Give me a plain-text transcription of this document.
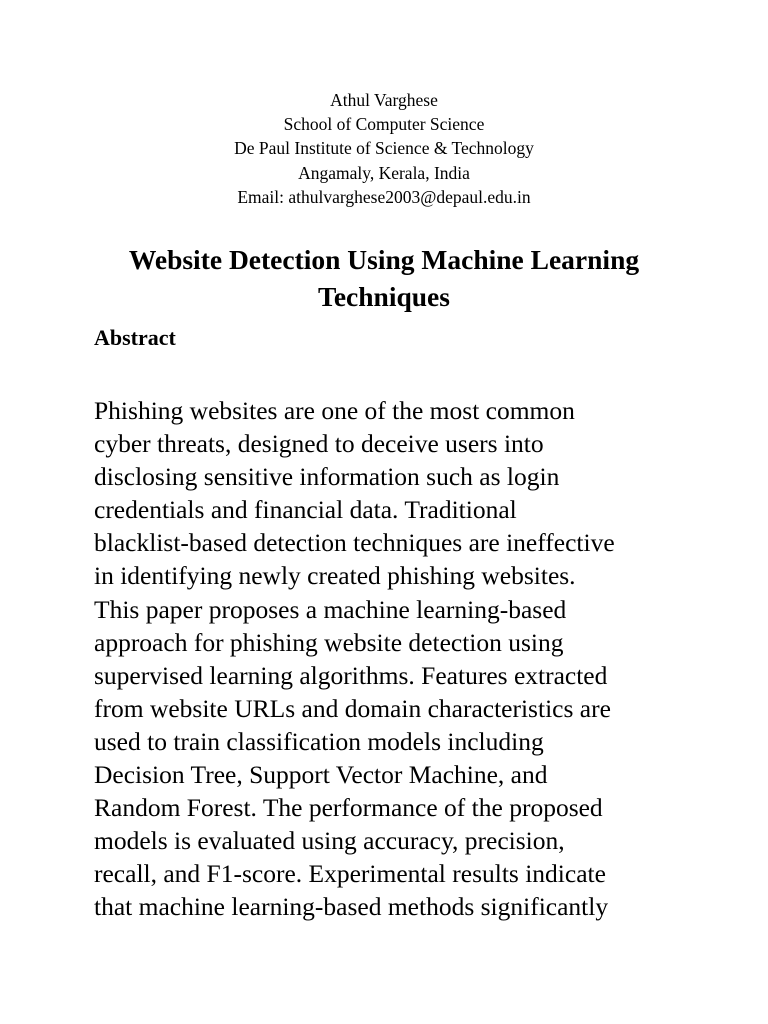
Athul Varghese
School of Computer Science
De Paul Institute of Science & Technology
Angamaly, Kerala, India
Email: athulvarghese2003@depaul.edu.in
Website Detection Using Machine Learning Techniques
Abstract
Phishing websites are one of the most common
cyber threats, designed to deceive users into
disclosing sensitive information such as login
credentials and financial data. Traditional
blacklist-based detection techniques are ineffective
in identifying newly created phishing websites.
This paper proposes a machine learning-based
approach for phishing website detection using
supervised learning algorithms. Features extracted
from website URLs and domain characteristics are
used to train classification models including
Decision Tree, Support Vector Machine, and
Random Forest. The performance of the proposed
models is evaluated using accuracy, precision,
recall, and F1-score. Experimental results indicate
that machine learning-based methods significantly
